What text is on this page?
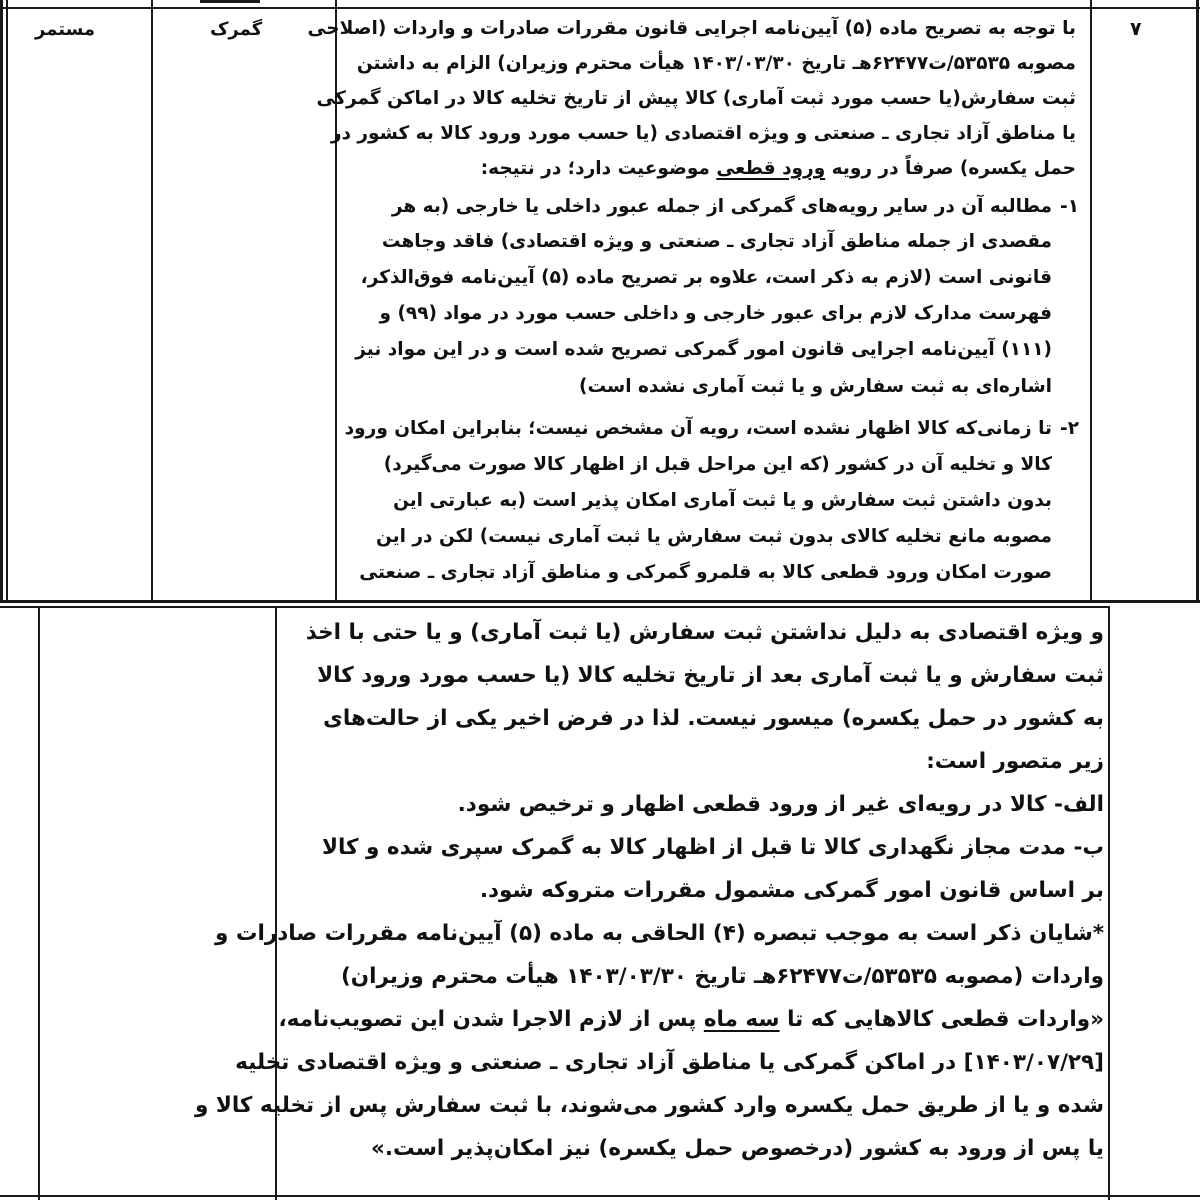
۷
گمرک
مستمر	با توجه به تصریح ماده (۵) آیین‌نامه اجرایی قانون مقررات صادرات و واردات (اصلاحی
مصوبه ۵۳۵۳۵/ت۶۲۴۷۷هـ تاریخ ۱۴۰۳/۰۳/۳۰ هیأت محترم وزیران) الزام به داشتن
ثبت سفارش(یا حسب مورد ثبت آماری) کالا پیش از تاریخ تخلیه کالا در اماکن گمرکی
یا مناطق آزاد تجاری ـ صنعتی و ویژه اقتصادی (یا حسب مورد ورود کالا به کشور در
حمل یکسره) صرفاً در رویه ورود قطعی موضوعیت دارد؛ در نتیجه:
۱-
مطالبه آن در سایر رویه‌های گمرکی از جمله عبور داخلی یا خارجی (به هر
مقصدی از جمله مناطق آزاد تجاری ـ صنعتی و ویژه اقتصادی) فاقد وجاهت
قانونی است (لازم به ذکر است، علاوه بر تصریح ماده (۵) آیین‌نامه فوق‌الذکر،
فهرست مدارک لازم برای عبور خارجی و داخلی حسب مورد در مواد (۹۹) و
(۱۱۱) آیین‌نامه اجرایی قانون امور گمرکی تصریح شده است و در این مواد نیز
اشاره‌ای به ثبت سفارش و یا ثبت آماری نشده است)
۲-
تا زمانی‌که کالا اظهار نشده است، رویه آن مشخص نیست؛ بنابراین امکان ورود
کالا و تخلیه آن در کشور (که این مراحل قبل از اظهار کالا صورت می‌گیرد)
بدون داشتن ثبت سفارش و یا ثبت آماری امکان پذیر است (به عبارتی این
مصوبه مانع تخلیه کالای بدون ثبت سفارش یا ثبت آماری نیست) لکن در این
صورت امکان ورود قطعی کالا به قلمرو گمرکی و مناطق آزاد تجاری ـ صنعتی
و ویژه اقتصادی به دلیل نداشتن ثبت سفارش (یا ثبت آماری) و یا حتی با اخذ
ثبت سفارش و یا ثبت آماری بعد از تاریخ تخلیه کالا (یا حسب مورد ورود کالا
به کشور در حمل یکسره) میسور نیست. لذا در فرض اخیر یکی از حالت‌های
زیر متصور است:
الف- کالا در رویه‌ای غیر از ورود قطعی اظهار و ترخیص شود.
ب- مدت مجاز نگهداری کالا تا قبل از اظهار کالا به گمرک سپری شده و کالا
بر اساس قانون امور گمرکی مشمول مقررات متروکه شود.
*شایان ذکر است به موجب تبصره (۴) الحاقی به ماده (۵) آیین‌نامه مقررات صادرات و
واردات (مصوبه ۵۳۵۳۵/ت۶۲۴۷۷هـ تاریخ ۱۴۰۳/۰۳/۳۰ هیأت محترم وزیران)
«واردات قطعی کالاهایی که تا سه ماه پس از لازم الاجرا شدن این تصویب‌نامه،
[۱۴۰۳/۰۷/۲۹] در اماکن گمرکی یا مناطق آزاد تجاری ـ صنعتی و ویژه اقتصادی تخلیه
شده و یا از طریق حمل یکسره وارد کشور می‌شوند، با ثبت سفارش پس از تخلیه کالا و
یا پس از ورود به کشور (درخصوص حمل یکسره) نیز امکان‌پذیر است.»
